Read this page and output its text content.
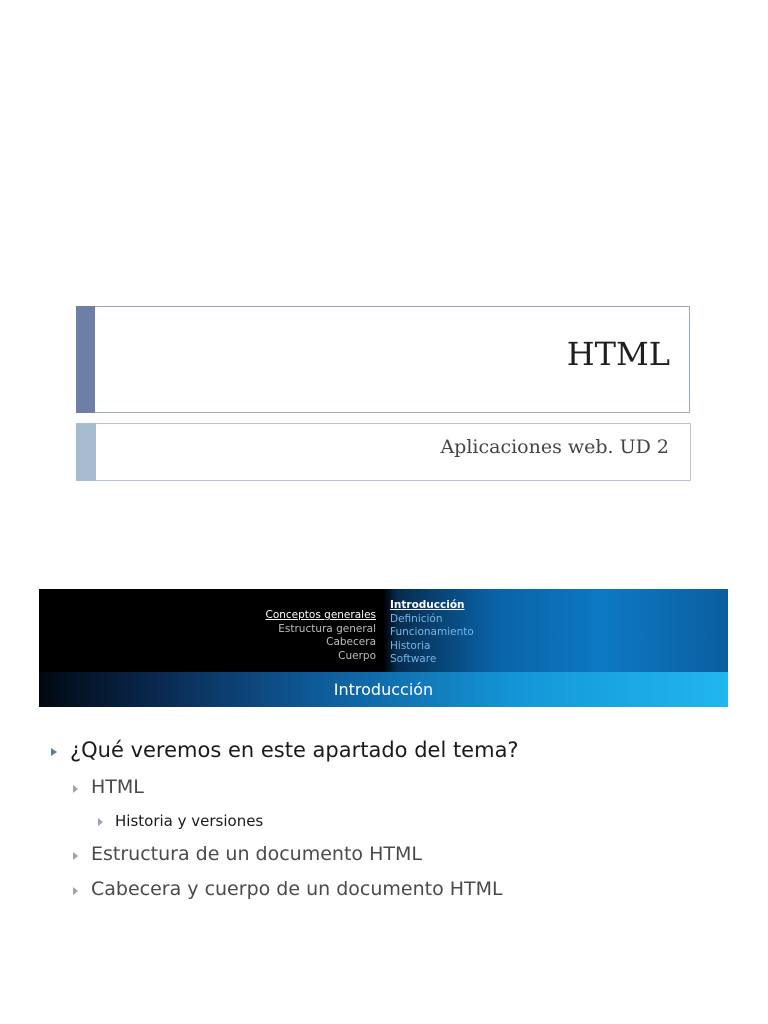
HTML
Aplicaciones web. UD 2
Conceptos generales
Estructura general
Cabecera
Cuerpo
Introducción
Definición
Funcionamiento
Historia
Software
Introducción
¿Qué veremos en este apartado del tema?
HTML
Historia y versiones
Estructura de un documento HTML
Cabecera y cuerpo de un documento HTML
